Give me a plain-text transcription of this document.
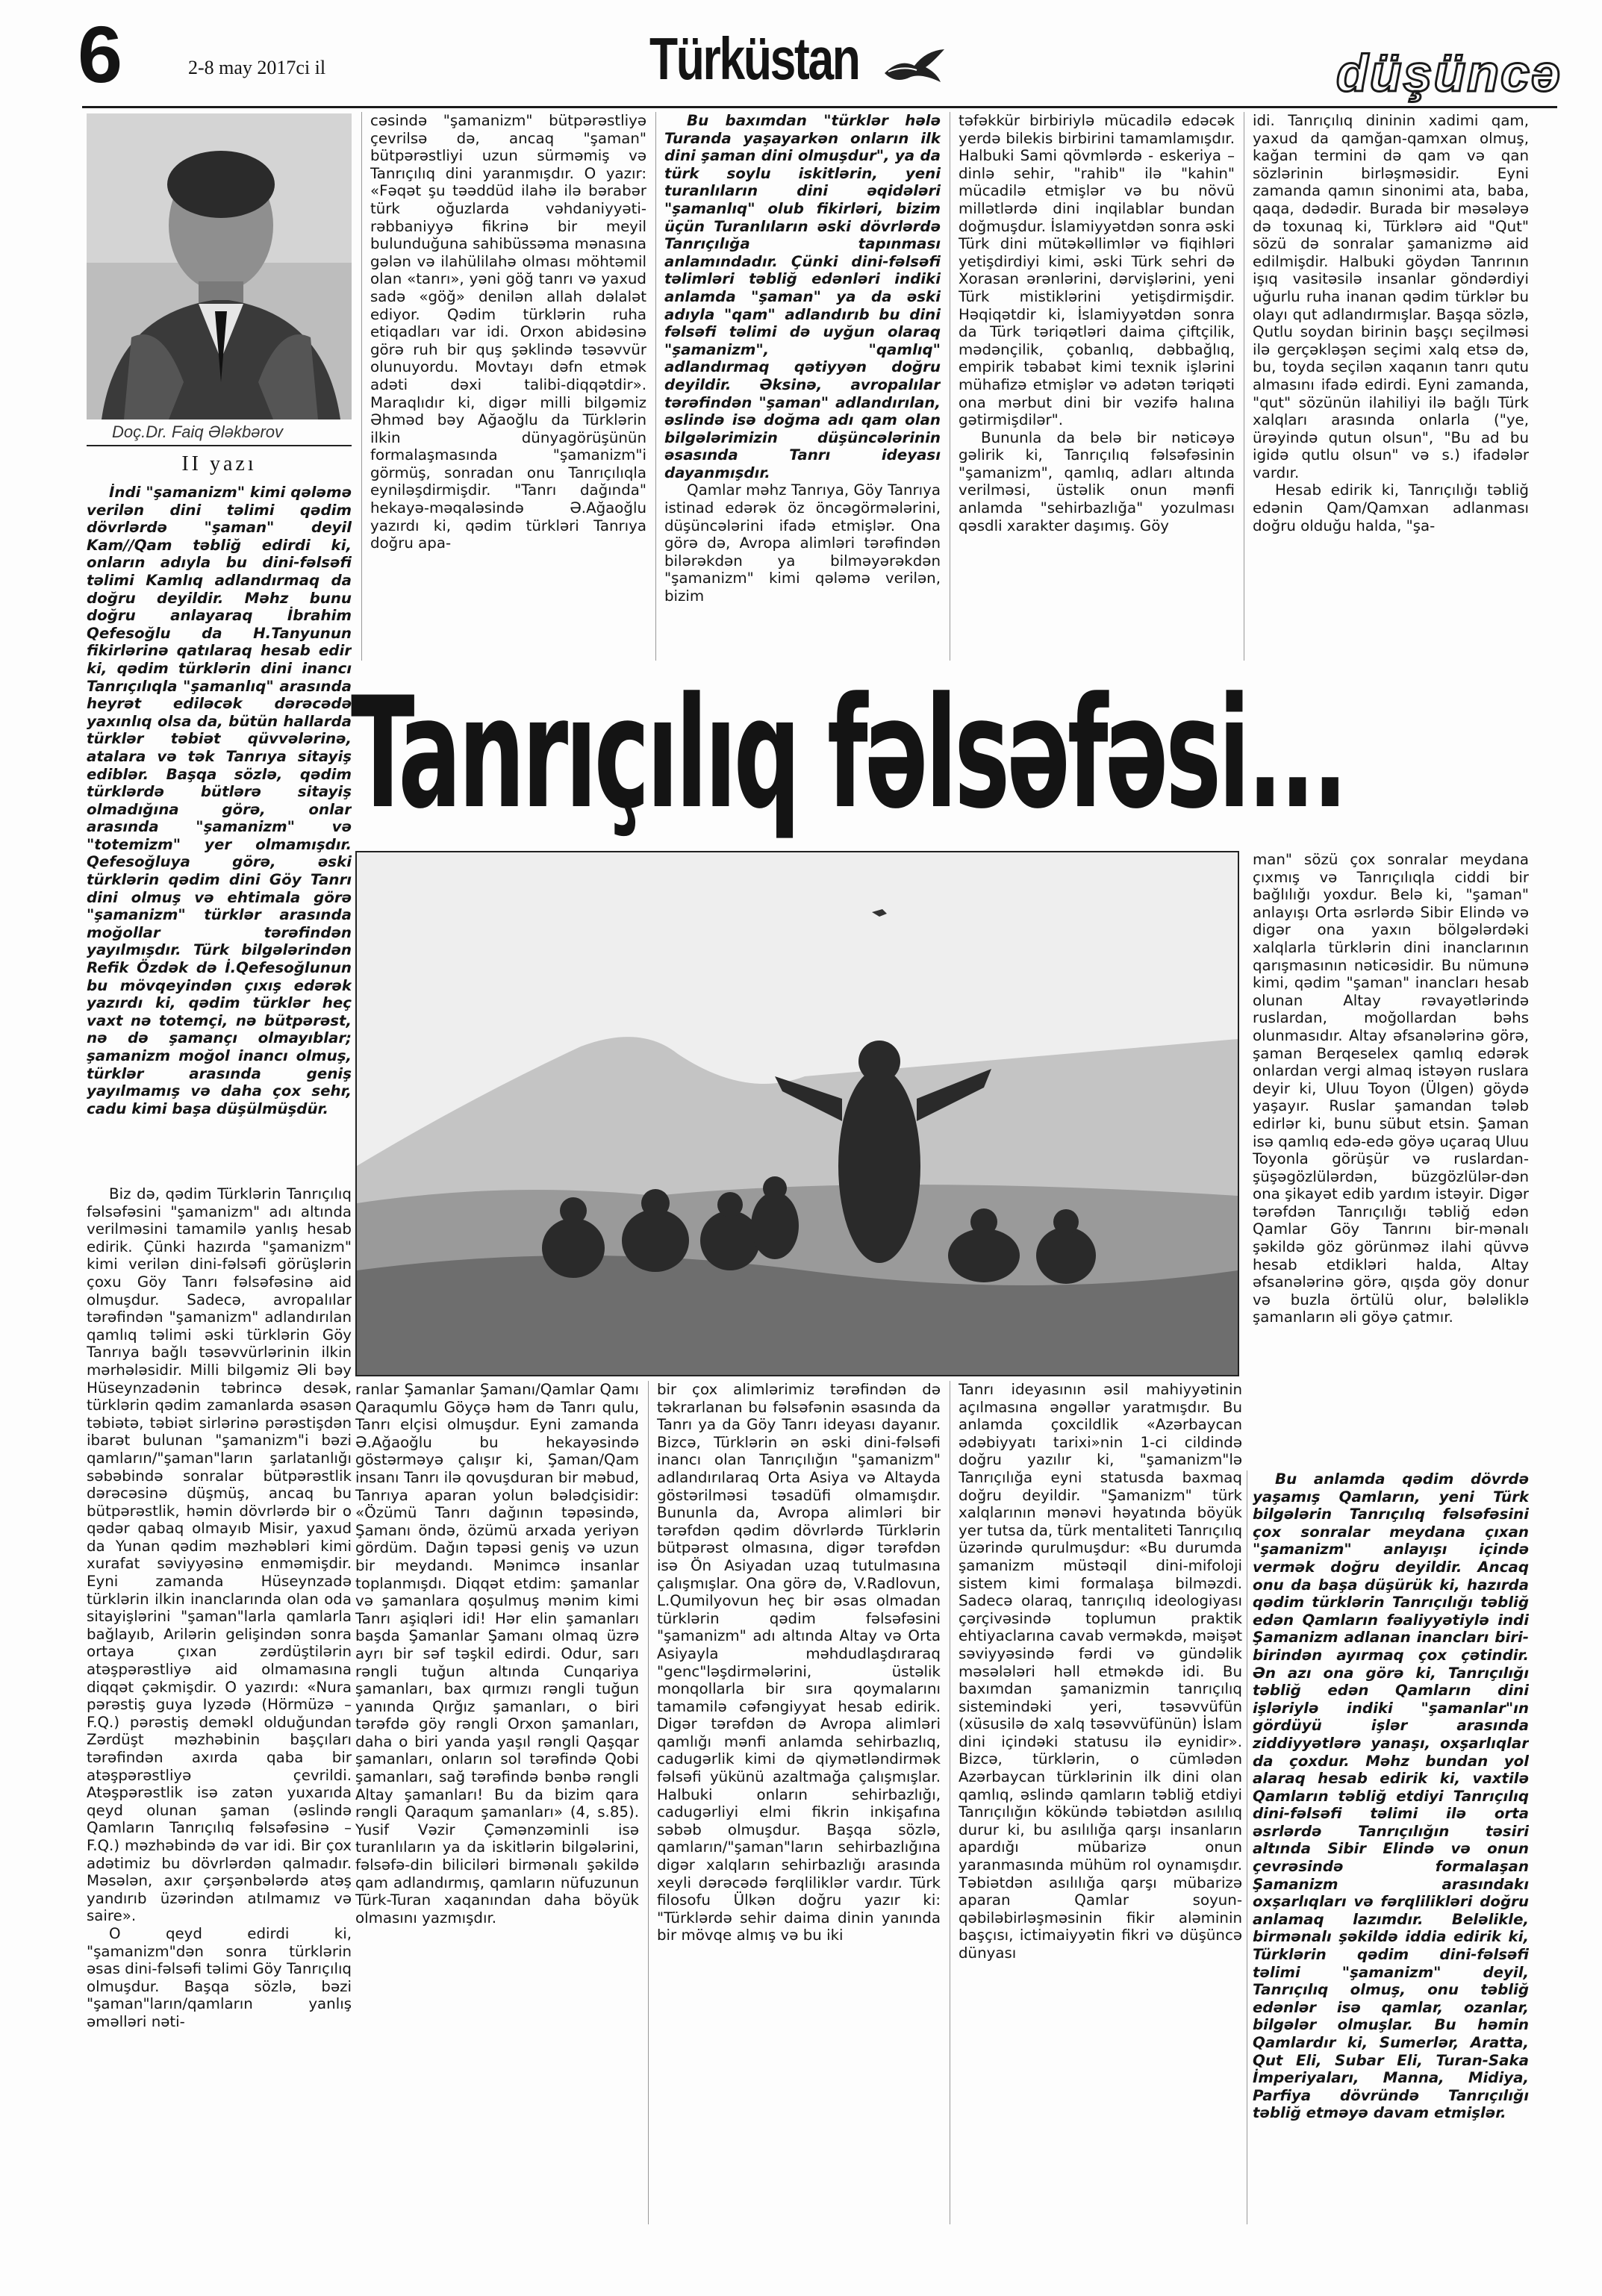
6	2-8 may 2017ci il	Türküstan	düşüncə
Doç.Dr. Faiq Ələkbərov
II yazı

İndi "şamanizm" kimi qələmə verilən dini təlimi qədim dövrlərdə "şaman" deyil Kam//Qam təbliğ edirdi ki, onların adıyla bu dini-fəlsəfi təlimi Kamlıq adlandırmaq da doğru deyildir. Məhz bunu doğru anlayaraq İbrahim Qefesoğlu da H.Tanyunun fikirlərinə qatılaraq hesab edir ki, qədim türklərin dini inancı Tanrıçılıqla "şamanlıq" arasında heyrət ediləcək dərəcədə yaxınlıq olsa da, bütün hallarda türklər təbiət qüvvələrinə, atalara və tək Tanrıya sitayiş ediblər. Başqa sözlə, qədim türklərdə bütlərə sitayiş olmadığına görə, onlar arasında "şamanizm" və "totemizm" yer olmamışdır. Qefesoğluya görə, əski türklərin qədim dini Göy Tanrı dini olmuş və ehtimala görə "şamanizm" türklər arasında moğollar tərəfindən yayılmışdır. Türk bilgələrindən Refik Özdək də İ.Qefesoğlunun bu mövqeyindən çıxış edərək yazırdı ki, qədim türklər heç vaxt nə totemçi, nə bütpərəst, nə də şamançı olmayıblar; şamanizm moğol inancı olmuş, türklər arasında geniş yayılmamış və daha çox sehr, cadu kimi başa düşülmüşdür.

Biz də, qədim Türklərin Tanrıçılıq fəlsəfəsini "şamanizm" adı altında verilməsini tamamilə yanlış hesab edirik. Çünki hazırda "şamanizm" kimi verilən dini-fəlsəfi görüşlərin çoxu Göy Tanrı fəlsəfəsinə aid olmuşdur. Sadecə, avropalılar tərəfindən "şamanizm" adlandırılan qamlıq təlimi əski türklərin Göy Tanrıya bağlı təsəvvürlərinin ilkin mərhələsidir. Milli bilgəmiz Əli bəy Hüseynzadənin təbrincə desək, türklərin qədim zamanlarda əsasən təbiətə, təbiət sirlərinə pərəstişdən ibarət bulunan "şamanizm"i bəzi qamların/"şaman"ların şarlatanlığı səbəbində sonralar bütpərəstlik dərəcəsinə düşmüş, ancaq bu bütpərəstlik, həmin dövrlərdə bir o qədər qabaq olmayıb Misir, yaxud da Yunan qədim məzhəbləri kimi xurafat səviyyəsinə enməmişdir. Eyni zamanda Hüseynzadə türklərin ilkin inanclarında olan oda sitayişlərini "şaman"larla qamlarla bağlayıb, Arilərin gelişindən sonra ortaya çıxan zərdüştilərin atəşpərəstliyə aid olmamasına diqqət çəkmişdir. O yazırdı: «Nura pərəstiş guya Iyzədə (Hörmüzə – F.Q.) pərəstiş deməkl olduğundan Zərdüşt məzhəbinin başçıları tərəfindən axırda qaba bir atəşpərəstliyə çevrildi. Atəşpərəstlik isə zatən yuxarıda qeyd olunan şaman (əslində Qamların Tanrıçılıq fəlsəfəsinə – F.Q.) məzhəbində də var idi. Bir çox adətimiz bu dövrlərdən qalmadır. Məsələn, axır çərşənbələrdə atəş yandırıb üzərindən atılmamız və saire».

O qeyd edirdi ki, "şamanizm"dən sonra türklərin əsas dini-fəlsəfi təlimi Göy Tanrıçılıq olmuşdur. Başqa sözlə, bəzi "şaman"ların/qamların yanlış əməlləri nəti-

cəsində "şamanizm" bütpərəstliyə çevrilsə də, ancaq "şaman" bütpərəstliyi uzun sürməmiş və Tanrıçılıq dini yaranmışdır. O yazır: «Fəqət şu təəddüd ilahə ilə bərabər türk oğuzlarda vəhdaniyyəti-rəbbaniyyə fikrinə bir meyil bulunduğuna sahibüssəma mənasına gələn və ilahülilahə olması möhtəmil olan «tanrı», yəni göğ tanrı və yaxud sadə «göğ» denilən allah dəlalət ediyor. Qədim türklərin ruha etiqadları var idi. Orxon abidəsinə görə ruh bir quş şəklində təsəvvür olunuyordu. Movtayı dəfn etmək adəti dəxi talibi-diqqətdir». Maraqlıdır ki, digər milli bilgəmiz Əhməd bəy Ağaoğlu da Türklərin ilkin dünyagörüşünün formalaşmasında "şamanizm"i görmüş, sonradan onu Tanrıçılıqla eyniləşdirmişdir. "Tanrı dağında" hekayə-məqaləsində Ə.Ağaoğlu yazırdı ki, qədim türkləri Tanrıya doğru apa-

Bu baxımdan "türklər hələ Turanda yaşayarkən onların ilk dini şaman dini olmuşdur", ya da türk soylu iskitlərin, yeni turanlıların dini əqidələri "şamanlıq" olub fikirləri, bizim üçün Turanlıların əski dövrlərdə Tanrıçılığa tapınması anlamındadır. Çünki dini-fəlsəfi təlimləri təbliğ edənləri indiki anlamda "şaman" ya da əski adıyla "qam" adlandırıb bu dini fəlsəfi təlimi də uyğun olaraq "şamanizm", "qamlıq" adlandırmaq qətiyyən doğru deyildir. Əksinə, avropalılar tərəfindən "şaman" adlandırılan, əslində isə doğma adı qam olan bilgələrimizin düşüncələrinin əsasında Tanrı ideyası dayanmışdır.

Qamlar məhz Tanrıya, Göy Tanrıya istinad edərək öz öncəgörmələrini, düşüncələrini ifadə etmişlər. Ona görə də, Avropa alimləri tərəfindən bilərəkdən ya bilməyərəkdən "şamanizm" kimi qələmə verilən, bizim

təfəkkür birbiriylə mücadilə edəcək yerdə bilekis birbirini tamamlamışdır. Halbuki Sami qövmlərdə - eskeriya – dinlə sehir, "rahib" ilə "kahin" mücadilə etmişlər və bu növü millətlərdə dini inqilablar bundan doğmuşdur. İslamiyyətdən sonra əski Türk dini mütəkəllimlər və fiqihləri yetişdirdiyi kimi, əski Türk sehri də Xorasan ərənlərini, dərvişlərini, yeni Türk mistiklərini yetişdirmişdir. Həqiqətdir ki, İslamiyyətdən sonra da Türk təriqətləri daima çiftçilik, mədənçilik, çobanlıq, dəbbağlıq, empirik təbabət kimi texnik işlərini mühafizə etmişlər və adətən təriqəti ona mərbut dini bir vəzifə halına gətirmişdilər".

Bununla da belə bir nəticəyə gəlirik ki, Tanrıçılıq fəlsəfəsinin "şamanizm", qamlıq, adları altında verilməsi, üstəlik onun mənfi anlamda "sehirbazlığa" yozulması qəsdli xarakter daşımış. Göy

idi. Tanrıçılıq dininin xadimi qam, yaxud da qamğan-qamxan olmuş, kağan termini də qam və qan sözlərinin birləşməsidir. Eyni zamanda qamın sinonimi ata, baba, qaqa, dədədir. Burada bir məsələyə də toxunaq ki, Türklərə aid "Qut" sözü də sonralar şamanizmə aid edilmişdir. Halbuki göydən Tanrının işıq vasitəsilə insanlar göndərdiyi uğurlu ruha inanan qədim türklər bu olayı qut adlandırmışlar. Başqa sözlə, Qutlu soydan birinin başçı seçilməsi ilə gerçəkləşən seçimi xalq etsə də, bu, toyda seçilən xaqanın tanrı qutu almasını ifadə edirdi. Eyni zamanda, "qut" sözünün ilahiliyi ilə bağlı Türk xalqları arasında onlarla ("ye, ürəyində qutun olsun", "Bu ad bu igidə qutlu olsun" və s.) ifadələr vardır.

Hesab edirik ki, Tanrıçılığı təbliğ edənin Qam/Qamxan adlanması doğru olduğu halda, "şa-

Tanrıçılıq fəlsəfəsi...

man" sözü çox sonralar meydana çıxmış və Tanrıçılıqla ciddi bir bağlılığı yoxdur. Belə ki, "şaman" anlayışı Orta əsrlərdə Sibir Elində və digər ona yaxın bölgələrdəki xalqlarla türklərin dini inanclarının qarışmasının nəticəsidir. Bu nümunə kimi, qədim "şaman" inancları hesab olunan Altay rəvayətlərində ruslardan, moğollardan bəhs olunmasıdır. Altay əfsanələrinə görə, şaman Berqeselex qamlıq edərək onlardan vergi almaq istəyən ruslara deyir ki, Uluu Toyon (Ülgen) göydə yaşayır. Ruslar şamandan tələb edirlər ki, bunu sübut etsin. Şaman isə qamlıq edə-edə göyə uçaraq Uluu Toyonla görüşür və ruslardan-şüşəgözlülərdən, büzgözlülər-dən ona şikayət edib yardım istəyir. Digər tərəfdən Tanrıçılığı təbliğ edən Qamlar Göy Tanrını bir-mənalı şəkildə göz görünməz ilahi qüvvə hesab etdikləri halda, Altay əfsanələrinə görə, qışda göy donur və buzla örtülü olur, bələliklə şamanların əli göyə çatmır.

ranlar Şamanlar Şamanı/Qamlar Qamı Qaraqumlu Göyçə həm də Tanrı qulu, Tanrı elçisi olmuşdur. Eyni zamanda Ə.Ağaoğlu bu hekayəsində göstərməyə çalışır ki, Şaman/Qam insanı Tanrı ilə qovuşduran bir məbud, Tanrıya aparan yolun bələdçisidir: «Özümü Tanrı dağının təpəsində, Şamanı öndə, özümü arxada yeriyən gördüm. Dağın təpəsi geniş və uzun bir meydandı. Mənimcə insanlar toplanmışdı. Diqqət etdim: şamanlar və şamanlara qoşulmuş mənim kimi Tanrı aşiqləri idi! Hər elin şamanları başda Şamanlar Şamanı olmaq üzrə ayrı bir səf təşkil edirdi. Odur, sarı rəngli tuğun altında Cunqariya şamanları, bax qırmızı rəngli tuğun yanında Qırğız şamanları, o biri tərəfdə göy rəngli Orxon şamanları, daha o biri yanda yaşıl rəngli Qaşqar şamanları, onların sol tərəfində Qobi şamanları, sağ tərəfində bənbə rəngli Altay şamanları! Bu da bizim qara rəngli Qaraqum şamanları» (4, s.85). Yusif Vəzir Çəmənzəminli isə turanlıların ya da iskitlərin bilgələrini, fəlsəfə-din biliciləri birmənalı şəkildə qam adlandırmış, qamların nüfuzunun Türk-Turan xaqanından daha böyük olmasını yazmışdır.

bir çox alimlərimiz tərəfindən də təkrarlanan bu fəlsəfənin əsasında da Tanrı ya da Göy Tanrı ideyası dayanır. Bizcə, Türklərin ən əski dini-fəlsəfi inancı olan Tanrıçılığın "şamanizm" adlandırılaraq Orta Asiya və Altayda göstərilməsi təsadüfi olmamışdır. Bununla da, Avropa alimləri bir tərəfdən qədim dövrlərdə Türklərin bütpərəst olmasına, digər tərəfdən isə Ön Asiyadan uzaq tutulmasına çalışmışlar. Ona görə də, V.Radlovun, L.Qumilyovun heç bir əsas olmadan türklərin qədim fəlsəfəsini "şamanizm" adı altında Altay və Orta Asiyayla məhdudlaşdıraraq "genc"ləşdirmələrini, üstəlik monqollarla bir sıra qoymalarını tamamilə cəfəngiyyat hesab edirik. Digər tərəfdən də Avropa alimləri qamlığı mənfi anlamda sehirbazlıq, cadugərlik kimi də qiymətləndirmək fəlsəfi yükünü azaltmağa çalışmışlar. Halbuki onların sehirbazlığı, cadugərliyi elmi fikrin inkişafına səbəb olmuşdur. Başqa sözlə, qamların/"şaman"ların sehirbazlığına digər xalqların sehirbazlığı arasında xeyli dərəcədə fərqliliklər vardır. Türk filosofu Ülkən doğru yazır ki: "Türklərdə sehir daima dinin yanında bir mövqe almış və bu iki

Tanrı ideyasının əsil mahiyyətinin açılmasına əngəllər yaratmışdır. Bu anlamda çoxcildlik «Azərbaycan ədəbiyyatı tarixi»nin 1-ci cildində doğru yazılır ki, "şamanizm"lə Tanrıçılığa eyni statusda baxmaq doğru deyildir. "Şamanizm" türk xalqlarının mənəvi həyatında böyük yer tutsa da, türk mentaliteti Tanrıçılıq üzərində qurulmuşdur: «Bu durumda şamanizm müstəqil dini-mifoloji sistem kimi formalaşa bilməzdi. Sadecə olaraq, tanrıçılıq ideologiyası çərçivəsində toplumun praktik ehtiyaclarına cavab verməkdə, məişət səviyyəsində fərdi və gündəlik məsələləri həll etməkdə idi. Bu baxımdan şamanizmin tanrıçılıq sistemindəki yeri, təsəvvüfün (xüsusilə də xalq təsəvvüfünün) İslam dini içindəki statusu ilə eynidir». Bizcə, türklərin, o cümlədən Azərbaycan türklərinin ilk dini olan qamlıq, əslində qamların təbliğ etdiyi Tanrıçılığın kökündə təbiətdən asılılıq durur ki, bu asılılığa qarşı insanların apardığı mübarizə onun yaranmasında mühüm rol oynamışdır. Təbiətdən asılılığa qarşı mübarizə aparan Qamlar soyun-qəbiləbirləşməsinin fikir aləminin başçısı, ictimaiyyətin fikri və düşüncə dünyası

Bu anlamda qədim dövrdə yaşamış Qamların, yeni Türk bilgələrin Tanrıçılıq fəlsəfəsini çox sonralar meydana çıxan "şamanizm" anlayışı içində vermək doğru deyildir. Ancaq onu da başa düşürük ki, hazırda qədim türklərin Tanrıçılığı təbliğ edən Qamların fəaliyyətiylə indi Şamanizm adlanan inancları biri-birindən ayırmaq çox çətindir. Ən azı ona görə ki, Tanrıçılığı təbliğ edən Qamların dini işləriylə indiki "şamanlar"ın gördüyü işlər arasında ziddiyyətlərə yanaşı, oxşarlıqlar da çoxdur. Məhz bundan yol alaraq hesab edirik ki, vaxtilə Qamların təbliğ etdiyi Tanrıçılıq dini-fəlsəfi təlimi ilə orta əsrlərdə Tanrıçılığın təsiri altında Sibir Elində və onun çevrəsində formalaşan Şamanizm arasındakı oxşarlıqları və fərqlilikləri doğru anlamaq lazımdır. Beləlikle, birmənalı şəkildə iddia edirik ki, Türklərin qədim dini-fəlsəfi təlimi "şamanizm" deyil, Tanrıçılıq olmuş, onu təbliğ edənlər isə qamlar, ozanlar, bilgələr olmuşlar. Bu həmin Qamlardır ki, Sumerlər, Aratta, Qut Eli, Subar Eli, Turan-Saka İmperiyaları, Manna, Midiya, Parfiya dövründə Tanrıçılığı təbliğ etməyə davam etmişlər.
